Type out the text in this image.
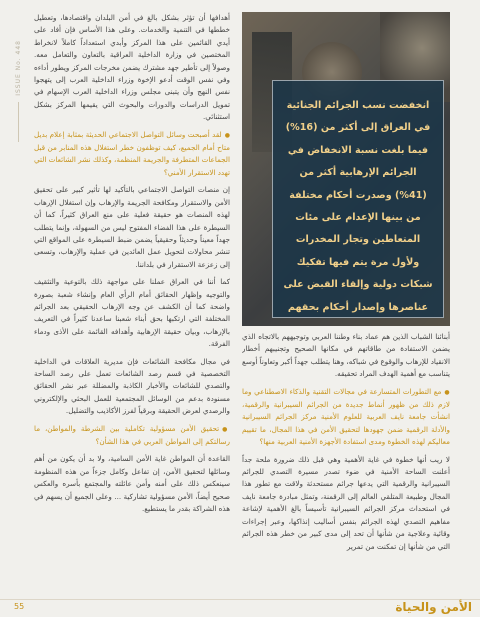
ISSUE No. 448

أهدافها أن تؤثر بشكل بالغ في أمن البلدان واقتصادها، وتعطيل خططها في التنمية والخدمات. وعلى هذا الأساس فإن أفاد على أيدي القائمين على هذا المركز وأبدي استعداداً كاملاً لانخراط المختصين في وزارة الداخلية العراقية بالتعاون والتعامل معه. وصولاً إلى تأطير جهد مشترك يضمن مخرجات المركز ويطور أداءه وفي نفس الوقت أدعو الإخوة وزراء الداخلية العرب إلى يتهجوا نفس النهج وأن يتبنى مجلس وزراء الداخلية العرب الإسهام في تمويل الدراسات والدورات والبحوث التي يقيمها المركز بشكل استثنائي.

●لقد أصبحت وسائل التواصل الاجتماعي الحديثة بمثابة إعلام بديل متاح أمام الجميع، كيف توظفون خطر استغلال هذه المنابر من قبل الجماعات المتطرفة والجريمة المنظمة، وكذلك نشر الشائعات التي تهدد الاستقرار الأمني؟

إن منصات التواصل الاجتماعي بالتأكيد لها تأثير كبير على تحقيق الأمن والاستقرار ومكافحة الجريمة والإرهاب وإن استغلال الإرهاب لهذه المنصات هو حقيقة فعلية على منع العراق كثيراً، كما أن السيطرة على هذا الفضاء المفتوح ليس من السهولة، وإنما يتطلب جهداً معيناً وحديثاً وحقيقياً يضمن ضبط السيطرة على المواقع التي تنشر محاولات لتحويل عمل العائدين في عملية والإرهاب، وتسعى إلى زعزعة الاستقرار في بلداننا.

كما أننا في العراق عملنا على مواجهة ذلك بالتوعية والتثقيف والتوجيه وإظهار الحقائق أمام الرأي العام وإنشاء شعبة بصورة واضحة كما أن الكشف عن وجه الإرهاب الحقيقي بعد الجرائم المختلفة التي ارتكبها بحق أبناء شعبنا ساعدنا كثيراً في التعريف بالإرهاب، وبيان حقيقة الإرهابية وأهدافه القائمة على الأذى ودماء الفرقة.

في مجال مكافحة الشائعات فإن مديرية العلاقات في الداخلية التخصصية في قسم رصد الشائعات تعمل على رصد الساحة والتصدي للشائعات والأخبار الكاذبة والمضللة عبر نشر الحقائق مسنودة بدعم من الوسائل المجتمعية للعمل البحثي والإلكتروني والرصدي لعرض الحقيقة وبرقياً لفرز الأكاذيب والتضليل.

●تحقيق الأمن مسؤولية تكاملية بين الشرطة والمواطن، ما رسالتكم إلى المواطن العربي في هذا الشأن؟

القاعدة أن المواطن غاية الأمن السامية، ولا بد أن يكون من أهم وسائلها لتحقيق الأمن، إن تفاعل وكامل جزءاً من هذه المنظومة سينعكس ذلك على أمنه وأمن عائلته والمجتمع بأسره والعكس صحيح أيضاً، الأمن مسؤولية تشاركية ... وعلى الجميع أن يسهم في هذه الشراكة بقدر ما يستطيع.

انخفضت نسب الجرائم الجنائية في العراق إلى أكثر من (16%) فيما بلغت نسبة الانخفاض في الجرائم الإرهابية أكثر من (41%) وصدرت أحكام مختلفة من بينها الإعدام على مئات المتعاطين وتجار المخدرات ولأول مرة يتم فيها تفكيك شبكات دولية وإلقاء القبض على عناصرها وإصدار أحكام بحقهم

أبنائنا الشباب الذين هم عماد بناء وطننا العربي وتوجيههم بالاتجاه الذي يضمن الاستفادة من طاقاتهم في مكانها الصحيح وتجنيبهم أخطار الانقياد للإرهاب والوقوع في شباكه، وهنا يتطلب جهداً أكبر وتعاوناً أوسع يتناسب مع أهمية الهدف المراد تحقيقه.

●مع التطورات المتسارعة في مجالات التقنية والذكاء الاصطناعي وما لازم ذلك من ظهور أنماط جديدة من الجرائم السيبرانية والرقمية، انشأت جامعة نايف العربية للعلوم الأمنية مركز الجرائم السيبرانية والأدلة الرقمية ضمن جهودها لتحقيق الأمن في هذا المجال، ما تقييم معاليكم لهذه الخطوة ومدى استفادة الأجهزة الأمنية العربية منها؟

لا ريب أنها خطوة في غاية الأهمية وهي قبل ذلك ضرورة ملحة جداً أعلنت الساحة الأمنية في ضوء تصدر مسيرة التصدي للجرائم السيبرانية والرقمية التي يدعها جرائم مستحدثة ولاقت مع تطور هذا المجال وطبيعة المتلقي العالم إلى الرقمنة، وتمثل مبادرة جامعة نايف في استحداث مركز الجرائم السيبرانية تأسيساً بالغ الأهمية لإشاعة مفاهيم التصدي لهذه الجرائم بنفس أساليب إنذاكها، وعبر إجراءات وقائية وعلاجية من شأنها أن تحد إلى مدى كبير من خطر هذه الجرائم التي من شأنها إن تمكنت من تمرير

55	الأمن والحياة
